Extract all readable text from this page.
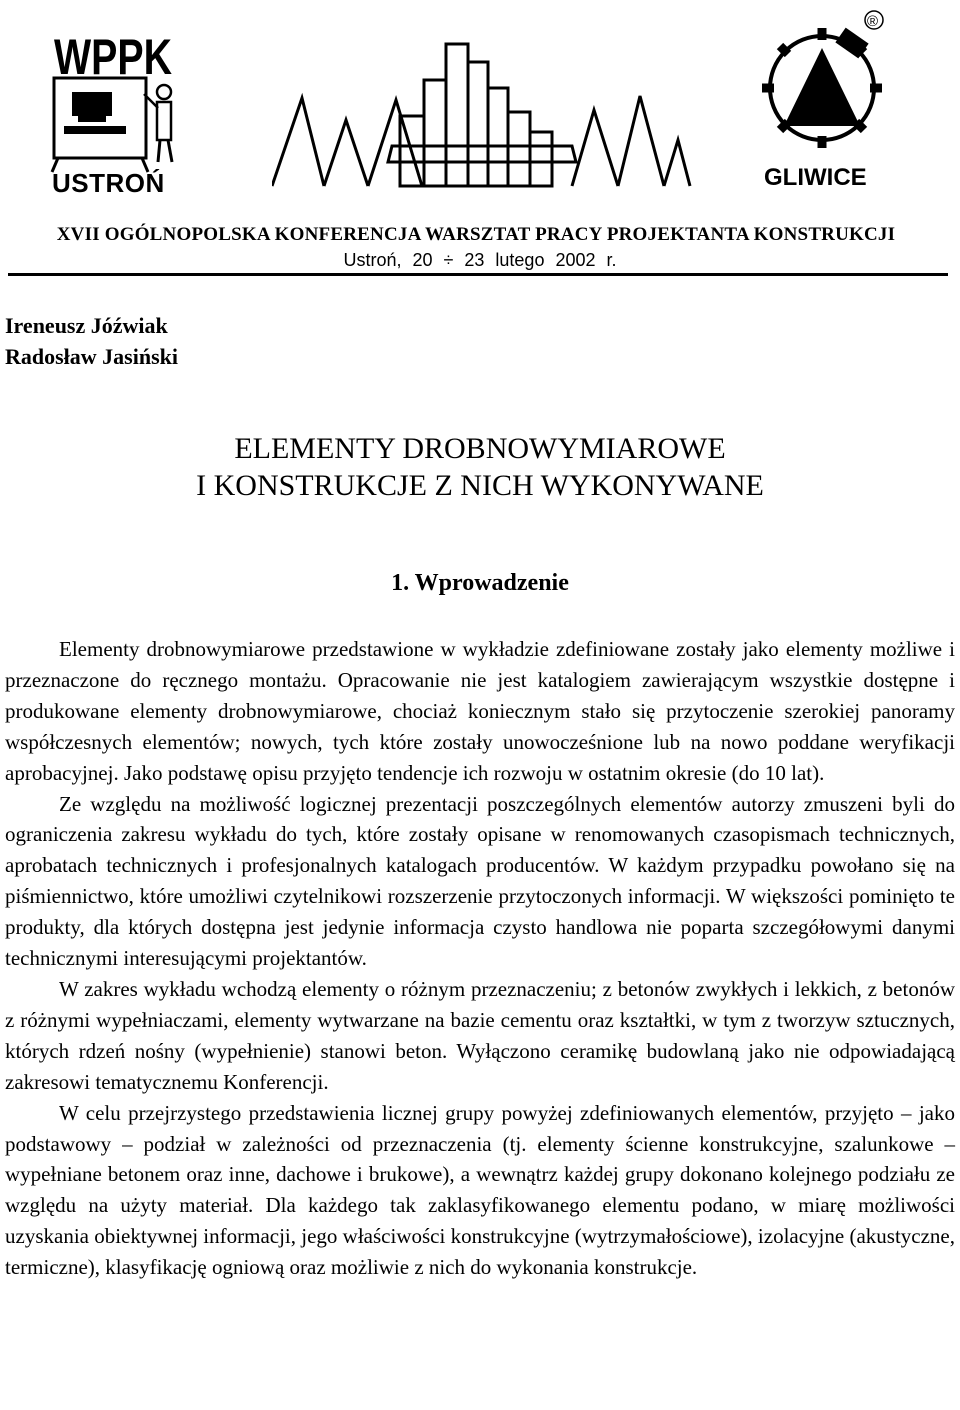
WPPK
USTROŃ
®
GLIWICE
XVII OGÓLNOPOLSKA KONFERENCJA WARSZTAT PRACY PROJEKTANTA KONSTRUKCJI
Ustroń, 20 ÷ 23 lutego 2002 r.
Ireneusz Jóźwiak
Radosław Jasiński
ELEMENTY DROBNOWYMIAROWE
I KONSTRUKCJE Z NICH WYKONYWANE
1. Wprowadzenie

Elementy drobnowymiarowe przedstawione w wykładzie zdefiniowane zostały jako elementy możliwe i przeznaczone do ręcznego montażu. Opracowanie nie jest katalogiem zawierającym wszystkie dostępne i produkowane elementy drobnowymiarowe, chociaż koniecznym stało się przytoczenie szerokiej panoramy współczesnych elementów; nowych, tych które zostały unowocześnione lub na nowo poddane weryfikacji aprobacyjnej. Jako podstawę opisu przyjęto tendencje ich rozwoju w ostatnim okresie (do 10 lat).

Ze względu na możliwość logicznej prezentacji poszczególnych elementów autorzy zmuszeni byli do ograniczenia zakresu wykładu do tych, które zostały opisane w renomowanych czasopismach technicznych, aprobatach technicznych i profesjonalnych katalogach producentów. W każdym przypadku powołano się na piśmiennictwo, które umożliwi czytelnikowi rozszerzenie przytoczonych informacji. W większości pominięto te produkty, dla których dostępna jest jedynie informacja czysto handlowa nie poparta szczegółowymi danymi technicznymi interesującymi projektantów.

W zakres wykładu wchodzą elementy o różnym przeznaczeniu; z betonów zwykłych i lekkich, z betonów z różnymi wypełniaczami, elementy wytwarzane na bazie cementu oraz kształtki, w tym z tworzyw sztucznych, których rdzeń nośny (wypełnienie) stanowi beton. Wyłączono ceramikę budowlaną jako nie odpowiadającą zakresowi tematycznemu Konferencji.

W celu przejrzystego przedstawienia licznej grupy powyżej zdefiniowanych elementów, przyjęto – jako podstawowy – podział w zależności od przeznaczenia (tj. elementy ścienne konstrukcyjne, szalunkowe – wypełniane betonem oraz inne, dachowe i brukowe), a wewnątrz każdej grupy dokonano kolejnego podziału ze względu na użyty materiał. Dla każdego tak zaklasyfikowanego elementu podano, w miarę możliwości uzyskania obiektywnej informacji, jego właściwości konstrukcyjne (wytrzymałościowe), izolacyjne (akustyczne, termiczne), klasyfikację ogniową oraz możliwie z nich do wykonania konstrukcje.
